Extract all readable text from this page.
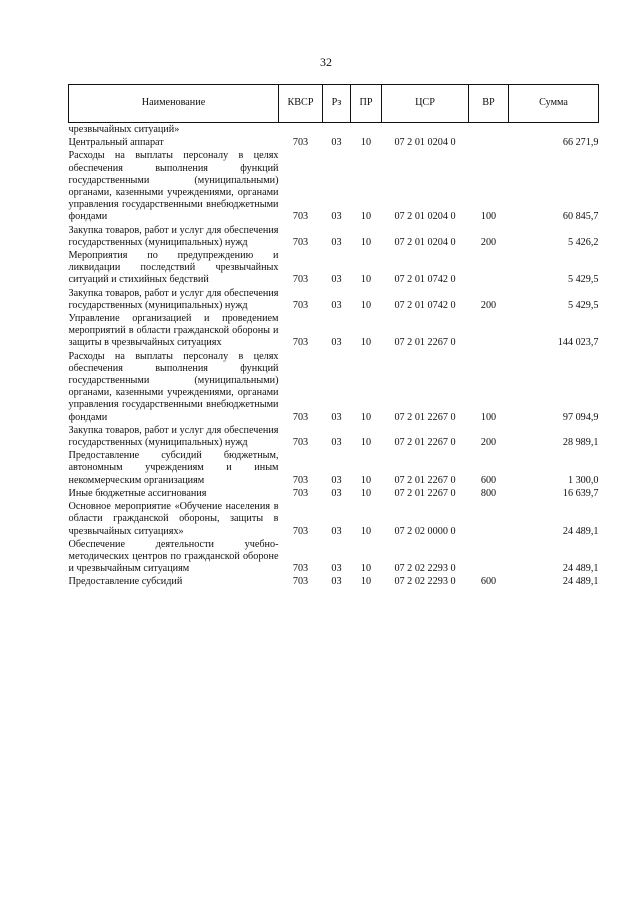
32
Наименование	КВСР	Рз	ПР	ЦСР	ВР	Сумма
чрезвычайных ситуаций»						
Центральный аппарат	703	03	10	07 2 01 0204 0		66 271,9
Расходы на выплаты персоналу в целях обеспечения выполнения функций государственными (муниципальными) органами, казенными учреждениями, органами управления государственными внебюджетными фондами	703	03	10	07 2 01 0204 0	100	60 845,7
Закупка товаров, работ и услуг для обеспечения государственных (муниципальных) нужд	703	03	10	07 2 01 0204 0	200	5 426,2
Мероприятия по предупреждению и ликвидации последствий чрезвычайных ситуаций и стихийных бедствий	703	03	10	07 2 01 0742 0		5 429,5
Закупка товаров, работ и услуг для обеспечения государственных (муниципальных) нужд	703	03	10	07 2 01 0742 0	200	5 429,5
Управление организацией и проведением мероприятий в области гражданской обороны и защиты в чрезвычайных ситуациях	703	03	10	07 2 01 2267 0		144 023,7
Расходы на выплаты персоналу в целях обеспечения выполнения функций государственными (муниципальными) органами, казенными учреждениями, органами управления государственными внебюджетными фондами	703	03	10	07 2 01 2267 0	100	97 094,9
Закупка товаров, работ и услуг для обеспечения государственных (муниципальных) нужд	703	03	10	07 2 01 2267 0	200	28 989,1
Предоставление субсидий бюджетным, автономным учреждениям и иным некоммерческим организациям	703	03	10	07 2 01 2267 0	600	1 300,0
Иные бюджетные ассигнования	703	03	10	07 2 01 2267 0	800	16 639,7
Основное мероприятие «Обучение населения в области гражданской обороны, защиты в чрезвычайных ситуациях»	703	03	10	07 2 02 0000 0		24 489,1
Обеспечение деятельности учебно-методических центров по гражданской обороне и чрезвычайным ситуациям	703	03	10	07 2 02 2293 0		24 489,1
Предоставление субсидий	703	03	10	07 2 02 2293 0	600	24 489,1
